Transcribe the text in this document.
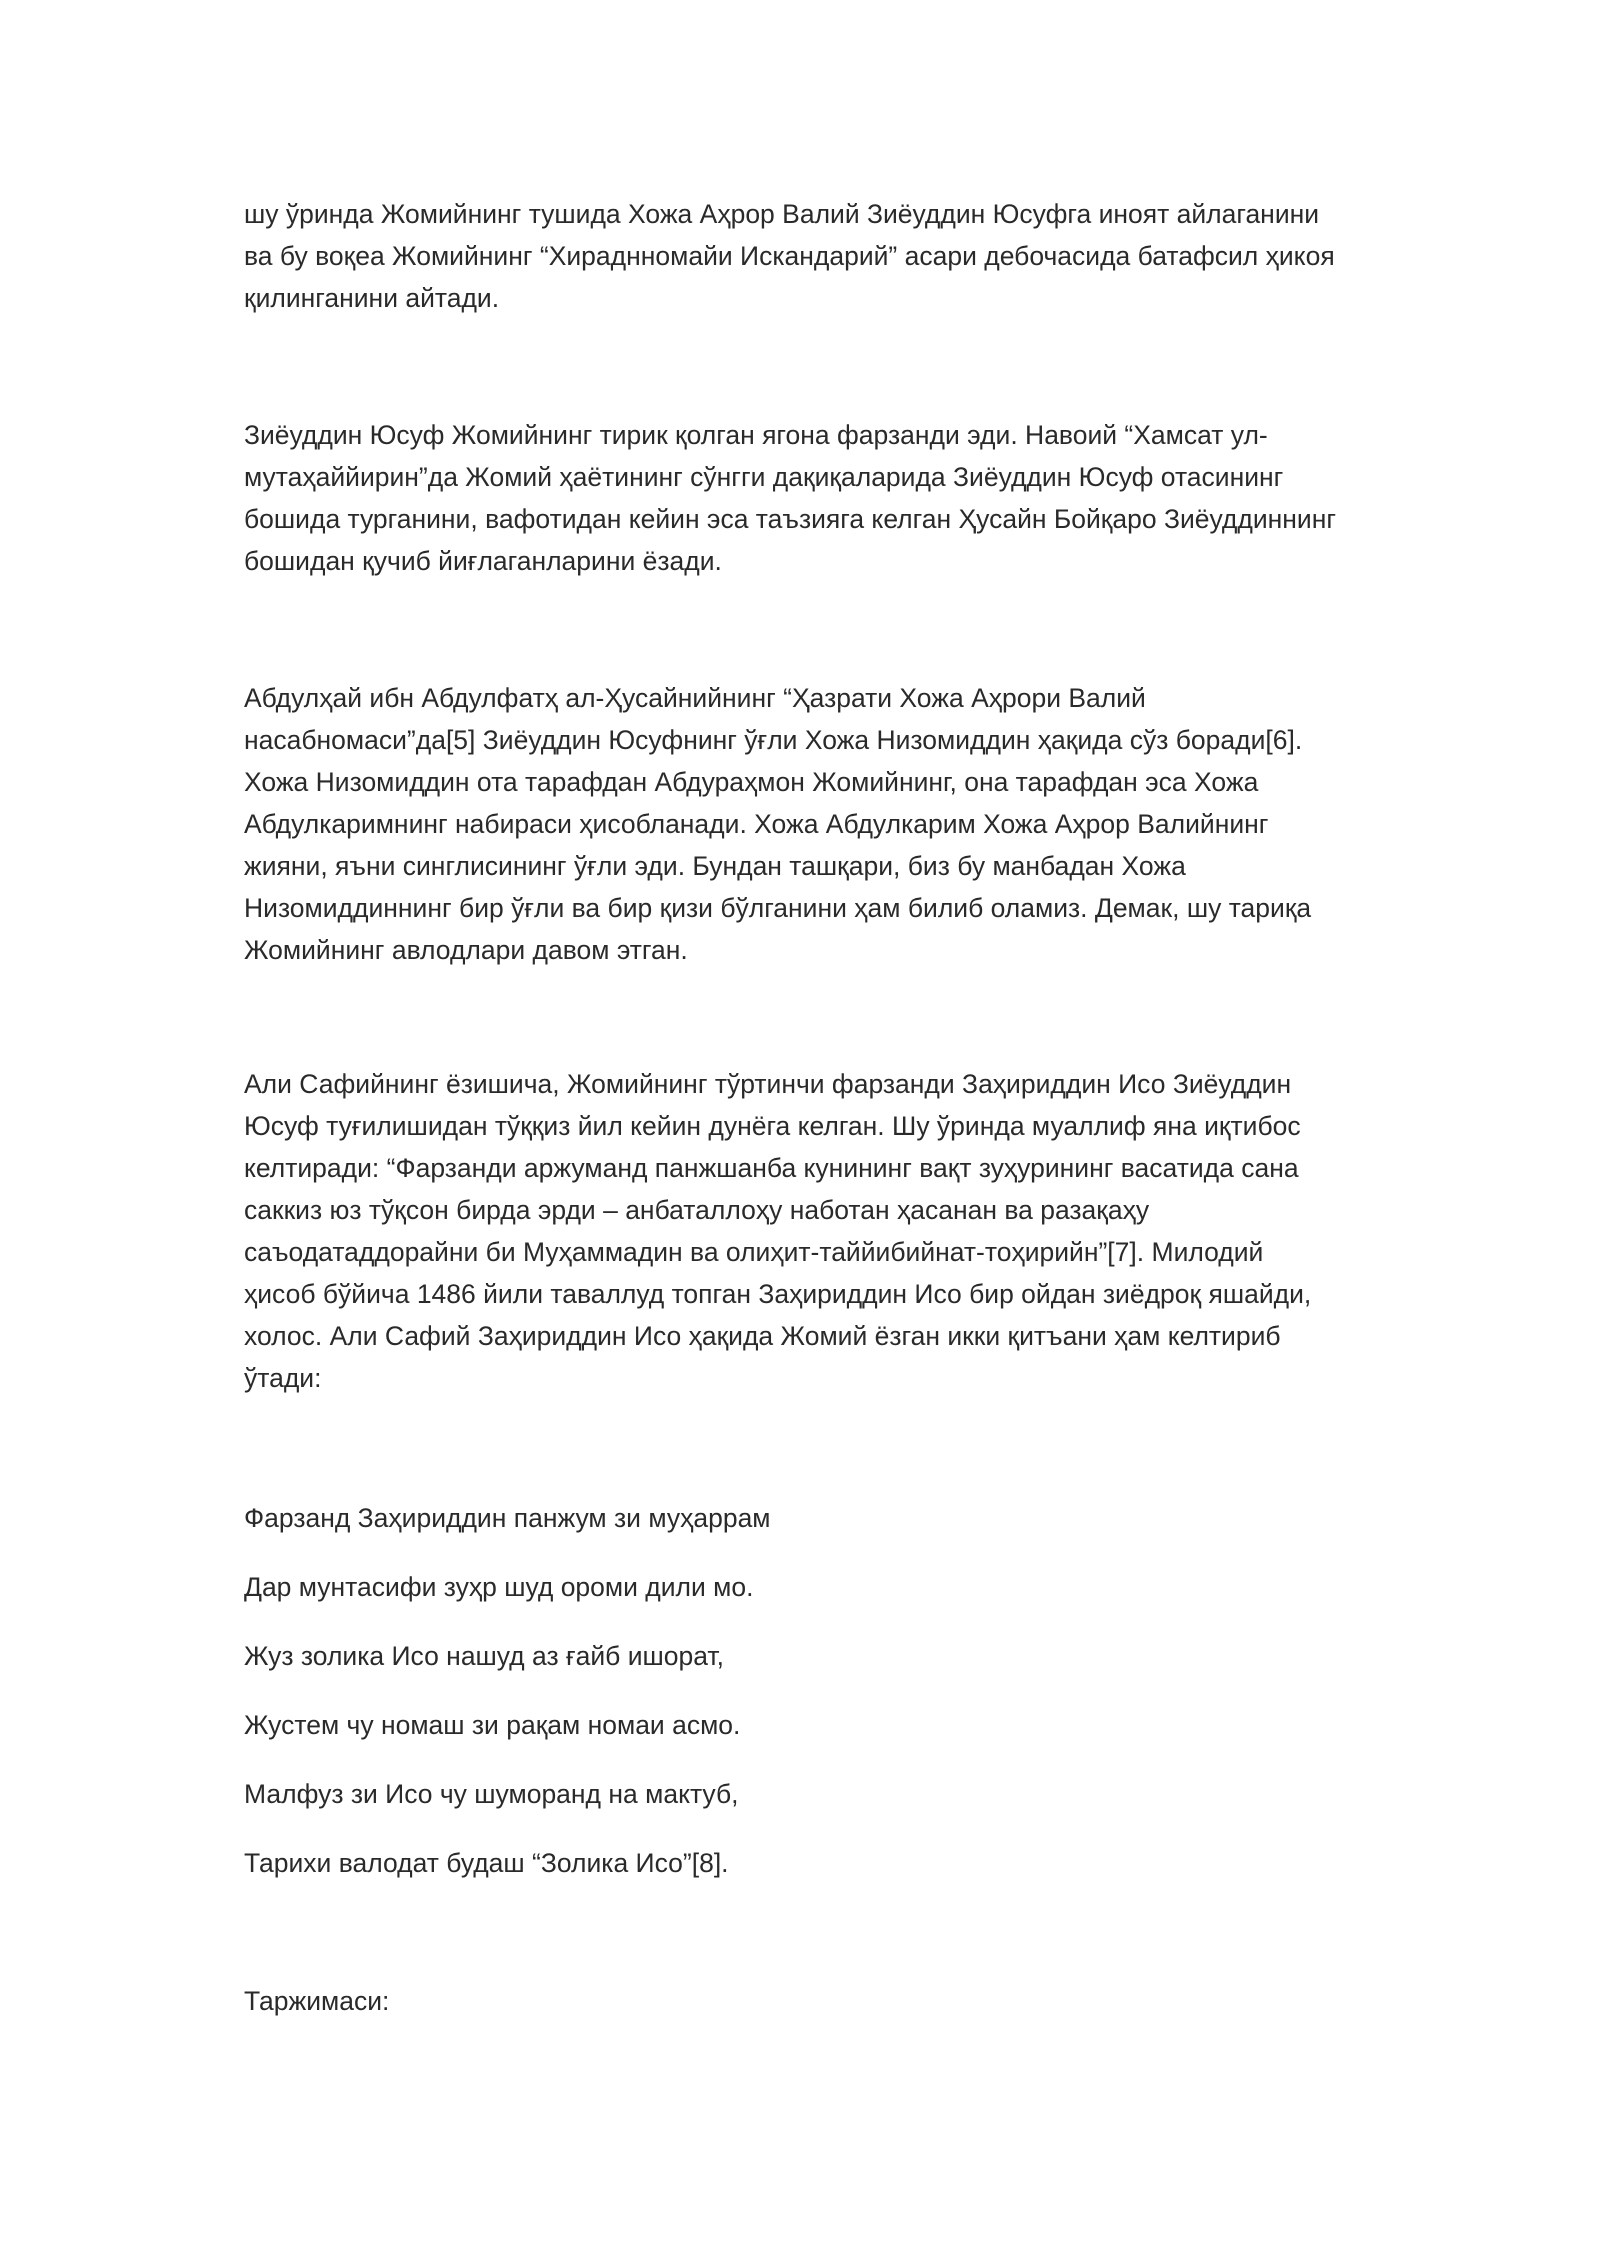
шу ўринда Жомийнинг тушида Хожа Аҳрор Валий Зиёуддин Юсуфга иноят айлаганини
ва бу воқеа Жомийнинг “Хираднномайи Искандарий” асари дебочасида батафсил ҳикоя
қилинганини айтади.

Зиёуддин Юсуф Жомийнинг тирик қолган ягона фарзанди эди. Навоий “Хамсат ул-
мутаҳаййирин”да Жомий ҳаётининг сўнгги дақиқаларида Зиёуддин Юсуф отасининг
бошида турганини, вафотидан кейин эса таъзияга келган Ҳусайн Бойқаро Зиёуддиннинг
бошидан қучиб йиғлаганларини ёзади.

Абдулҳай ибн Абдулфатҳ ал-Ҳусайнийнинг “Ҳазрати Хожа Аҳрори Валий
насабномаси”да[5] Зиёуддин Юсуфнинг ўғли Хожа Низомиддин ҳақида сўз боради[6].
Хожа Низомиддин ота тарафдан Абдураҳмон Жомийнинг, она тарафдан эса Хожа
Абдулкаримнинг набираси ҳисобланади. Хожа Абдулкарим Хожа Аҳрор Валийнинг
жияни, яъни синглисининг ўғли эди. Бундан ташқари, биз бу манбадан Хожа
Низомиддиннинг бир ўғли ва бир қизи бўлганини ҳам билиб оламиз. Демак, шу тариқа
Жомийнинг авлодлари давом этган.

Али Сафийнинг ёзишича, Жомийнинг тўртинчи фарзанди Заҳириддин Исо Зиёуддин
Юсуф туғилишидан тўққиз йил кейин дунёга келган. Шу ўринда муаллиф яна иқтибос
келтиради: “Фарзанди аржуманд панжшанба кунининг вақт зуҳурининг васатида сана
саккиз юз тўқсон бирда эрди – анбаталлоҳу наботан ҳасанан ва разақаҳу
саъодатаддорайни би Муҳаммадин ва олиҳит-таййибийнат-тоҳирийн”[7]. Милодий
ҳисоб бўйича 1486 йили таваллуд топган Заҳириддин Исо бир ойдан зиёдроқ яшайди,
холос. Али Сафий Заҳириддин Исо ҳақида Жомий ёзган икки қитъани ҳам келтириб
ўтади:

Фарзанд Заҳириддин панжум зи муҳаррам

Дар мунтасифи зуҳр шуд ороми дили мо.

Жуз золика Исо нашуд аз ғайб ишорат,

Жустем чу номаш зи рақам номаи асмо.

Малфуз зи Исо чу шуморанд на мактуб,

Тарихи валодат будаш “Золика Исо”[8].

Таржимаси:
